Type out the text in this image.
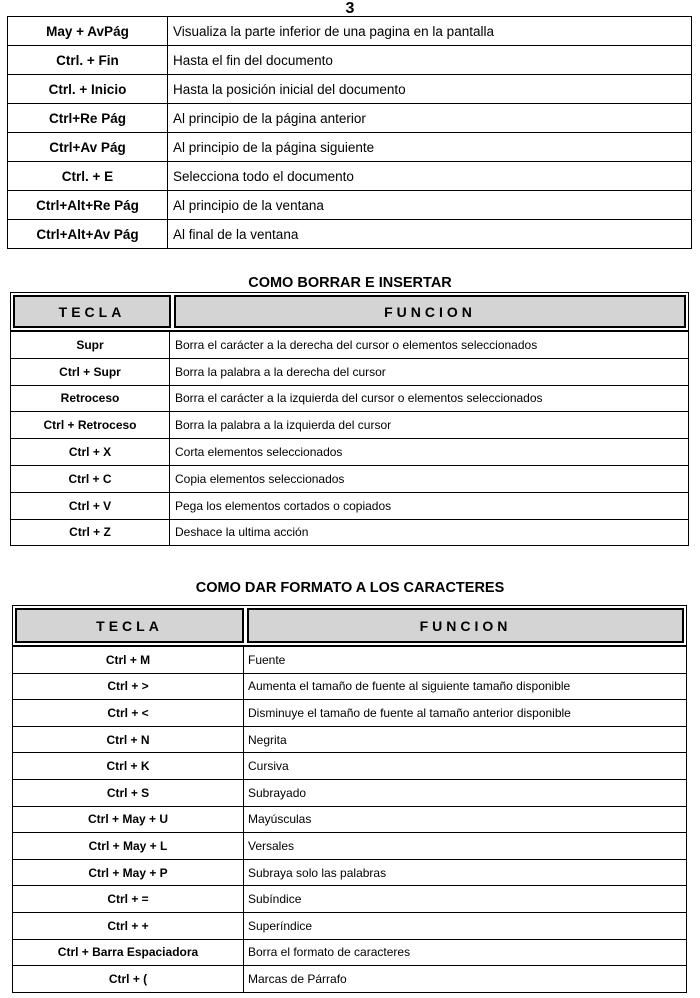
3
May + AvPág	Visualiza la parte inferior de una pagina en la pantalla
Ctrl. + Fin	Hasta el fin del documento
Ctrl. + Inicio	Hasta la posición inicial del documento
Ctrl+Re Pág	Al principio de la página anterior
Ctrl+Av Pág	Al principio de la página siguiente
Ctrl. + E	Selecciona todo el documento
Ctrl+Alt+Re Pág	Al principio de la ventana
Ctrl+Alt+Av Pág	Al final de la ventana
COMO BORRAR E INSERTAR
TECLA	FUNCION
Supr	Borra el carácter a la derecha del cursor o elementos seleccionados
Ctrl + Supr	Borra la palabra a la derecha del cursor
Retroceso	Borra el carácter a la izquierda del cursor o elementos seleccionados
Ctrl + Retroceso	Borra la palabra a la izquierda del cursor
Ctrl + X	Corta elementos seleccionados
Ctrl + C	Copia elementos seleccionados
Ctrl + V	Pega los elementos cortados o copiados
Ctrl + Z	Deshace la ultima acción
COMO DAR FORMATO A LOS CARACTERES
TECLA	FUNCION
Ctrl + M	Fuente
Ctrl + >	Aumenta el tamaño de fuente al siguiente tamaño disponible
Ctrl + <	Disminuye el tamaño de fuente al tamaño anterior disponible
Ctrl + N	Negrita
Ctrl + K	Cursiva
Ctrl + S	Subrayado
Ctrl + May + U	Mayúsculas
Ctrl + May + L	Versales
Ctrl + May + P	Subraya solo las palabras
Ctrl + =	Subíndice
Ctrl + +	Superíndice
Ctrl + Barra Espaciadora	Borra el formato de caracteres
Ctrl + (	Marcas de Párrafo
